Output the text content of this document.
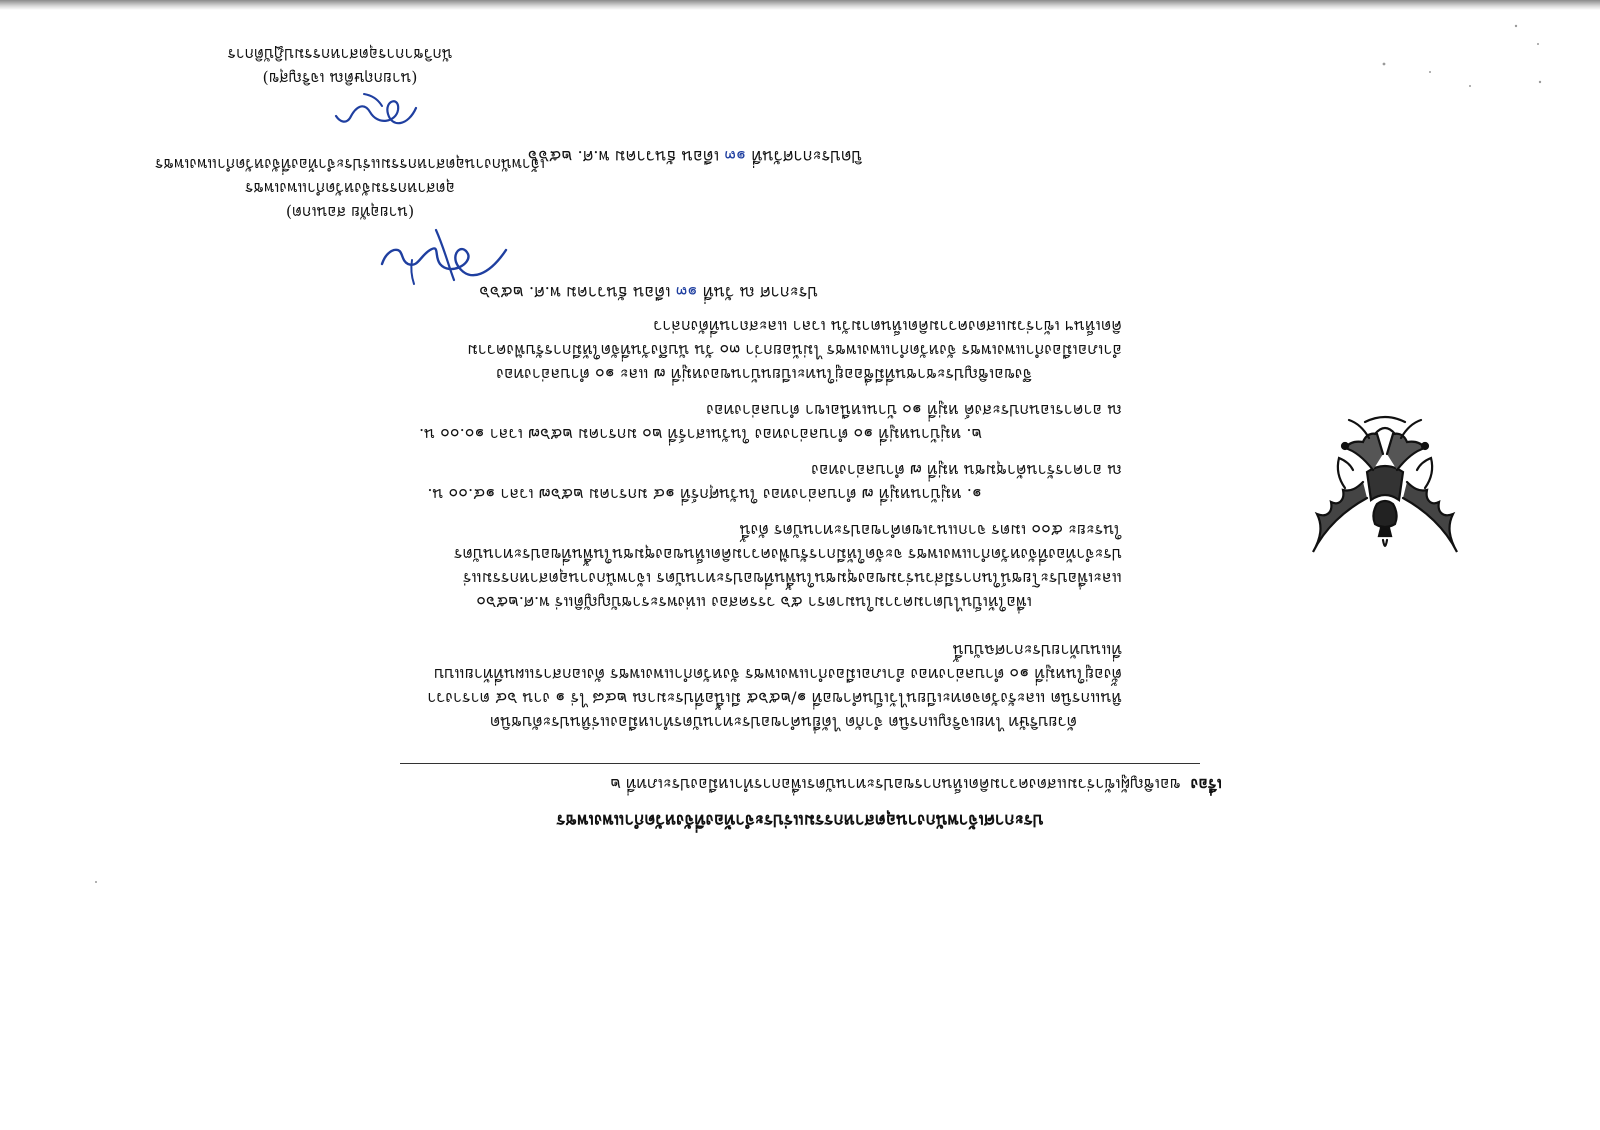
ประกาศเจ้าพนักงานอุตสาหกรรมแร่ประจำท้องที่จังหวัดกำแพงเพชร

เรื่องขอเชิญผู้เข้าร่วมแสดงความคิดเห็นการขอประทานบัตรเพื่อการทำเหมืองประเภทที่ ๒

ด้วยบริษัท ไทยเจริญแกรนิต จำกัด ได้ยื่นคำขอประทานบัตรทำเหมืองแร่หินประดับชนิด

หินแกรนิต และรังวัดจดทะเบียนไว้เป็นคำขอที่ ๑/๒๕๖๕ มีเนื้อที่ประมาณ ๒๔๘ ไร่ ๑ งาน ๖๔ ตารางวา

ตั้งอยู่ในหมู่ที่ ๑๐ ตำบลอ่างทอง อำเภอเมืองกำแพงเพชร จังหวัดกำแพงเพชร ดังเอกสารแผนที่ท้ายแบบ

ที่แนบท้ายประกาศฉบับนี้

เพื่อให้เป็นไปตามความในมาตรา ๕๖ วรรคสอง แห่งพระราชบัญญัติแร่ พ.ศ.๒๕๖๐

และเพื่อประโยชน์ในการมีส่วนร่วมของชุมชนในพื้นที่ขอประทานบัตร เจ้าพนักงานอุตสาหกรรมแร่

ประจำท้องที่จังหวัดกำแพงเพชร จะจัดให้มีการรับฟังความคิดเห็นของชุมชนในพื้นที่ขอประทานบัตร

ในระยะ ๕๐๐ เมตร จากแนวเขตคำขอประทานบัตร ดังนี้

๑. หมู่บ้านหมู่ที่ ๗ ตำบลอ่างทอง ในวันศุกร์ที่ ๑๔ มกราคม ๒๕๖๗ เวลา ๑๔.๐๐ น.

ณ อาคารร้านค้าชุมชน หมู่ที่ ๗ ตำบลอ่างทอง

๒. หมู่บ้านหมู่ที่ ๑๐ ตำบลอ่างทอง ในวันเสาร์ที่ ๒๐ มกราคม ๒๕๖๗ เวลา ๑๐.๐๐ น.

ณ อาคารเอนกประสงค์ หมู่ที่ ๑๐ บ้านเหนือเขา ตำบลอ่างทอง

จึงขอเชิญประชาชนที่มีชื่ออยู่ในทะเบียนบ้านของหมู่ที่ ๗ และ ๑๐ ตำบลอ่างทอง

อำเภอเมืองกำแพงเพชร จังหวัดกำแพงเพชร ไม่น้อยกว่า ๓๐ วัน นับถึงวันที่จัดให้มีการรับฟังความ

คิดเห็นฯ เข้าร่วมแสดงความคิดเห็นตามวัน เวลา และสถานที่ดังกล่าว

ประกาศ ณ วันที่ ๑๓ เดือน ธันวาคม พ.ศ. ๒๕๖๖

(นายอุทัย สอนเกต)
อุตสาหกรรมจังหวัดกำแพงเพชร
เจ้าพนักงานอุตสาหกรรมแร่ประจำท้องที่จังหวัดกำแพงเพชร	ปิดประกาศวันที่ ๑๓ เดือน ธันวาคม พ.ศ. ๒๕๖๖

(นายกฤษติณ เจริญสุข)
นักวิชาการอุตสาหกรรมปฏิบัติการ
